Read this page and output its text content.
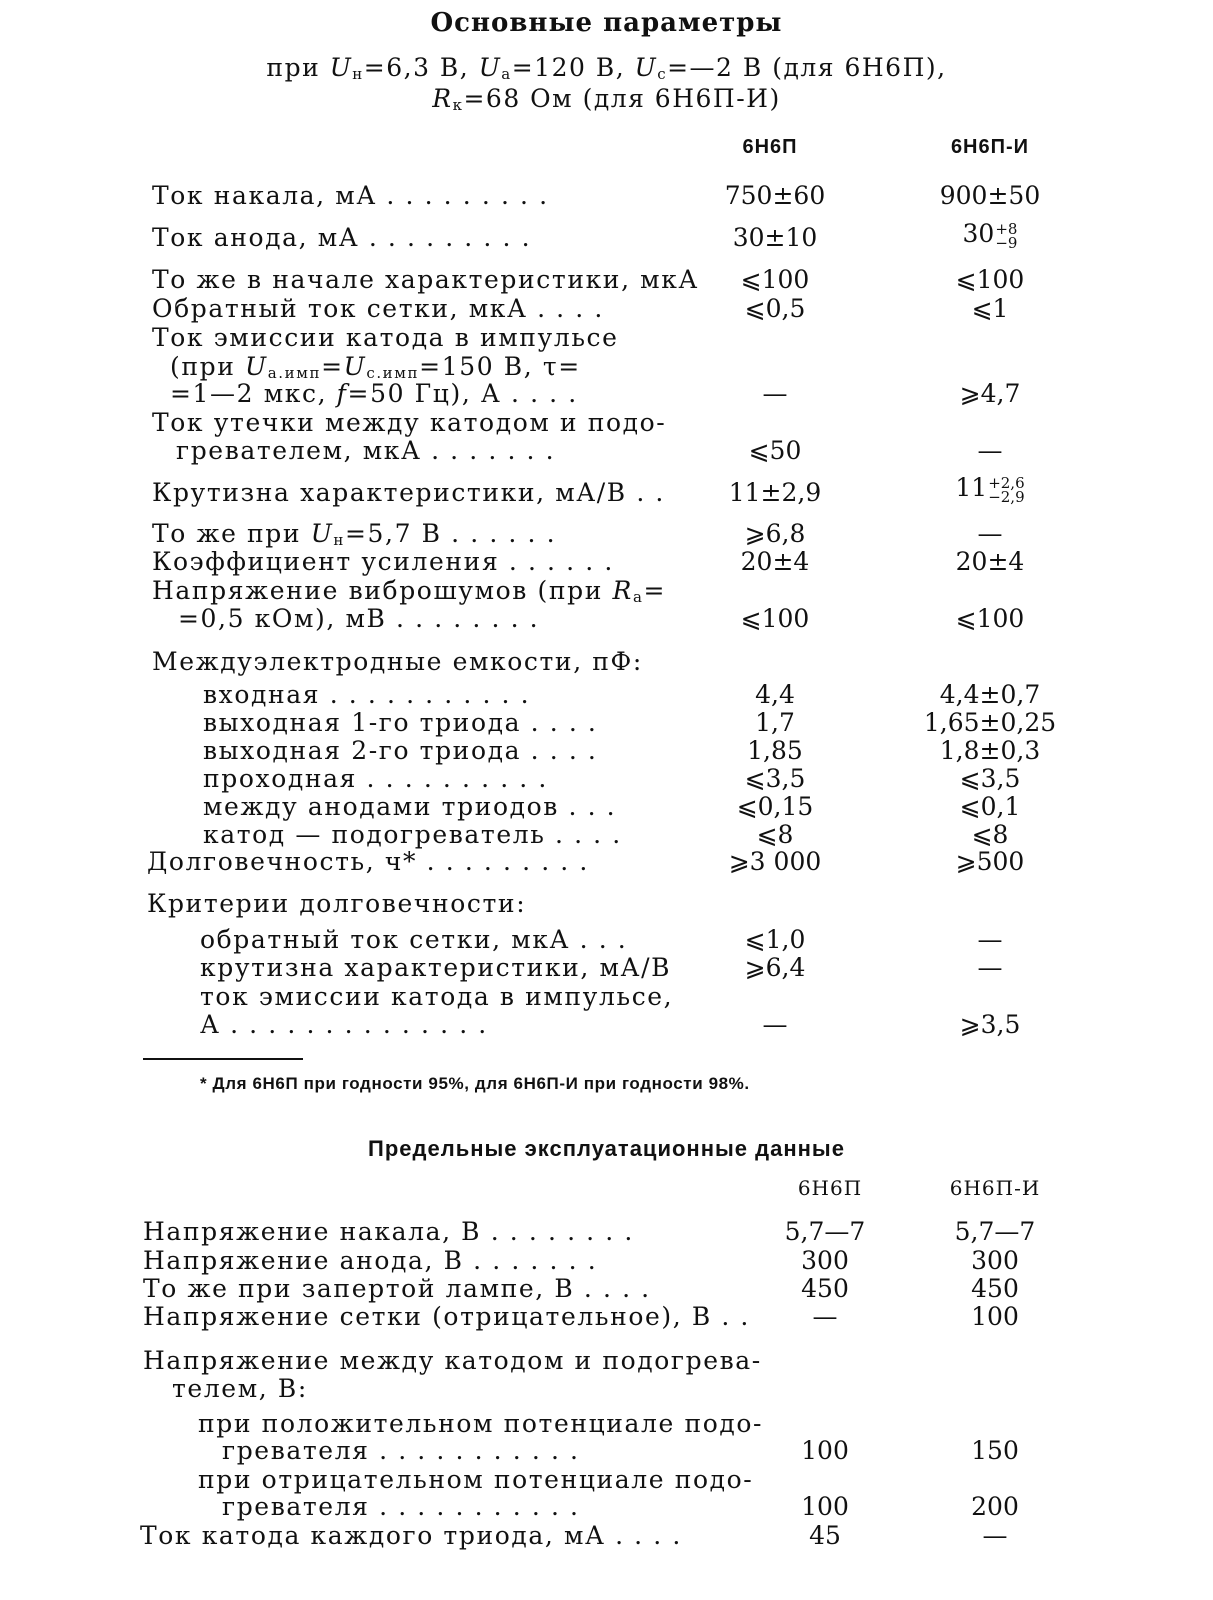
Основные параметры
при $U_н=6,3$ В, $U_а=120$ В, $U_с=—2$ В (для 6Н6П),
$R_к=68$ Ом (для 6Н6П-И)
6Н6П	6Н6П-И
Ток накала, мА . . . . . . . . .	750±60	900±50
Ток анода, мА . . . . . . . . .	30±10	30+8
−9
То же в начале характеристики, мкА	⩽100	⩽100
Обратный ток сетки, мкА . . . .	⩽0,5	⩽1
Ток эмиссии катода в импульсе
(при $U_{а.имп}=U_{с.имп}=150$ В, τ=
=1—2 мкс, f=50 Гц), А . . . .	—	⩾4,7
Ток утечки между катодом и подо-
гревателем, мкА . . . . . . .	⩽50	—
Крутизна характеристики, мА/В . .	11±2,9	11+2,6
−2,9
То же при $U_н=5,7$ В . . . . . .	⩾6,8	—
Коэффициент усиления . . . . . .	20±4	20±4
Напряжение виброшумов (при $R_а=$
=0,5 кОм), мВ . . . . . . . .	⩽100	⩽100
Междуэлектродные емкости, пФ:
входная . . . . . . . . . . .	4,4	4,4±0,7
выходная 1-го триода . . . .	1,7	1,65±0,25
выходная 2-го триода . . . .	1,85	1,8±0,3
проходная . . . . . . . . . .	⩽3,5	⩽3,5
между анодами триодов . . .	⩽0,15	⩽0,1
катод — подогреватель . . . .	⩽8	⩽8
Долговечность, ч* . . . . . . . . .	⩾3 000	⩾500
Критерии долговечности:
обратный ток сетки, мкА . . .	⩽1,0	—
крутизна характеристики, мА/В	⩾6,4	—
ток эмиссии катода в импульсе,
А . . . . . . . . . . . . . .	—	⩾3,5
* Для 6Н6П при годности 95%, для 6Н6П-И при годности 98%.
Предельные эксплуатационные данные
6Н6П	6Н6П-И
Напряжение накала, В . . . . . . . .	5,7—7	5,7—7
Напряжение анода, В . . . . . . .	300	300
То же при запертой лампе, В . . . .	450	450
Напряжение сетки (отрицательное), В . .	—	100
Напряжение между катодом и подогрева-
телем, В:
при положительном потенциале подо-
гревателя . . . . . . . . . . .	100	150
при отрицательном потенциале подо-
гревателя . . . . . . . . . . .	100	200
Ток катода каждого триода, мА . . . .	45	—
